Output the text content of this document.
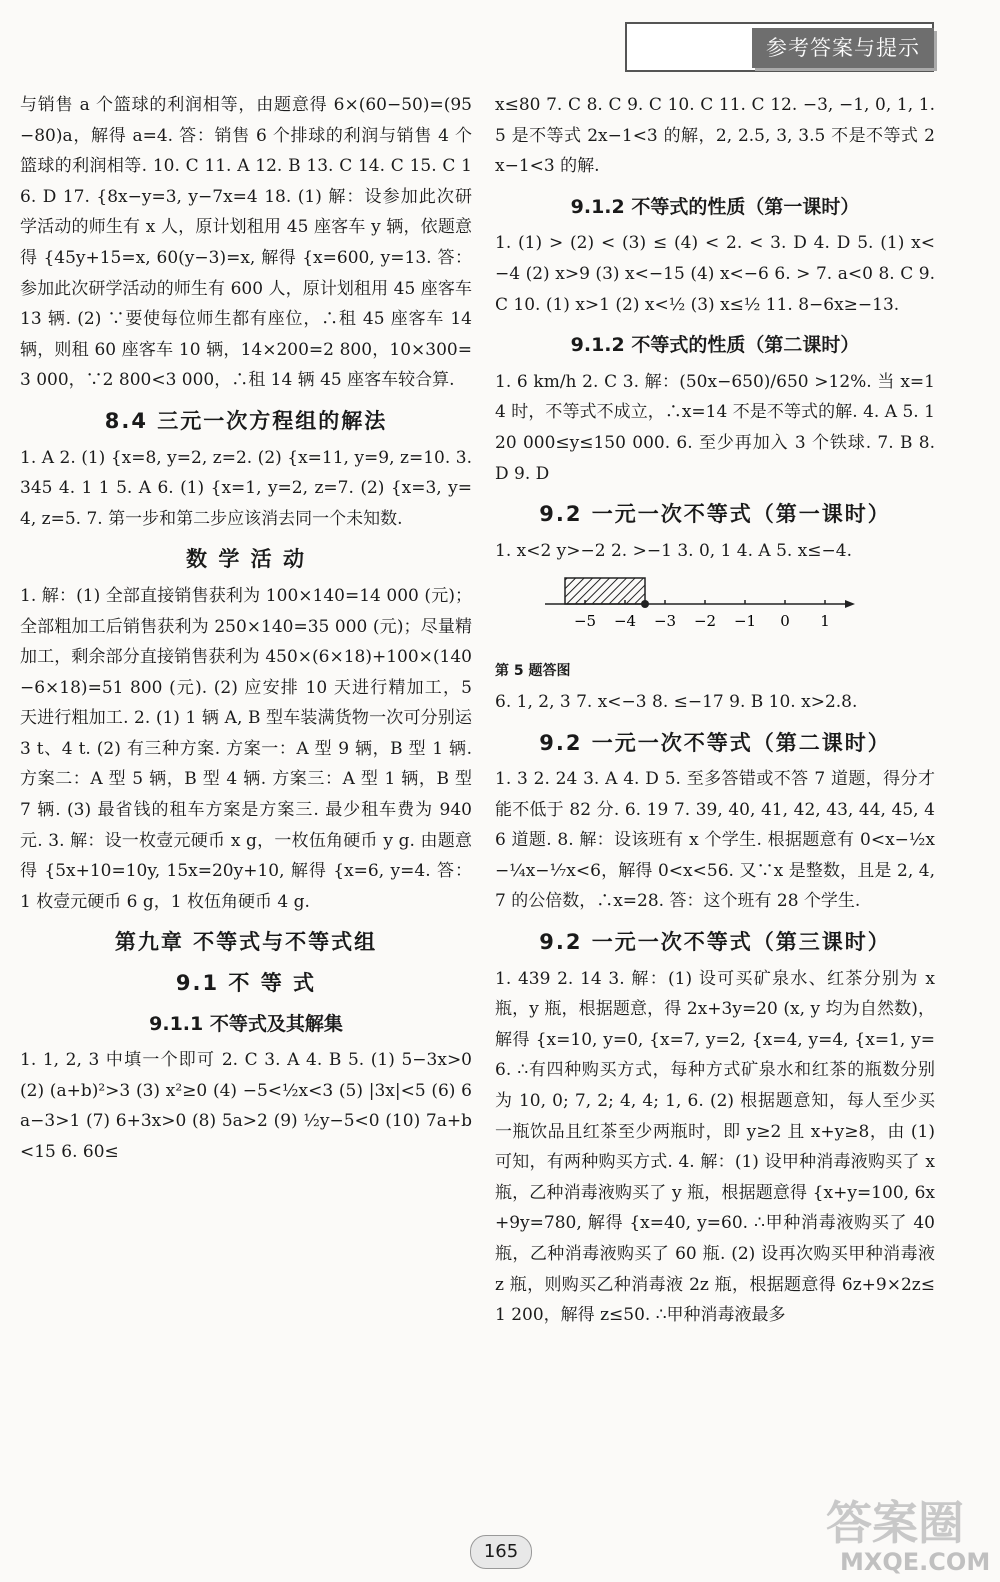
参考答案与提示

与销售 a 个篮球的利润相等，由题意得 6×(60−50)=(95−80)a，解得 a=4. 答：销售 6 个排球的利润与销售 4 个篮球的利润相等. 10. C 11. A 12. B 13. C 14. C 15. C 16. D 17. {8x−y=3, y−7x=4 18. (1) 解：设参加此次研学活动的师生有 x 人，原计划租用 45 座客车 y 辆，依题意得 {45y+15=x, 60(y−3)=x, 解得 {x=600, y=13. 答：参加此次研学活动的师生有 600 人，原计划租用 45 座客车 13 辆. (2) ∵要使每位师生都有座位，∴租 45 座客车 14 辆，则租 60 座客车 10 辆，14×200=2 800，10×300=3 000，∵2 800<3 000，∴租 14 辆 45 座客车较合算.

8.4 三元一次方程组的解法

1. A 2. (1) {x=8, y=2, z=2. (2) {x=11, y=9, z=10. 3. 345 4. 1 1 5. A 6. (1) {x=1, y=2, z=7. (2) {x=3, y=4, z=5. 7. 第一步和第二步应该消去同一个未知数.

数 学 活 动

1. 解：(1) 全部直接销售获利为 100×140=14 000 (元)；全部粗加工后销售获利为 250×140=35 000 (元)；尽量精加工，剩余部分直接销售获利为 450×(6×18)+100×(140−6×18)=51 800 (元). (2) 应安排 10 天进行精加工，5 天进行粗加工. 2. (1) 1 辆 A, B 型车装满货物一次可分别运 3 t、4 t. (2) 有三种方案. 方案一：A 型 9 辆，B 型 1 辆. 方案二：A 型 5 辆，B 型 4 辆. 方案三：A 型 1 辆，B 型 7 辆. (3) 最省钱的租车方案是方案三. 最少租车费为 940 元. 3. 解：设一枚壹元硬币 x g，一枚伍角硬币 y g. 由题意得 {5x+10=10y, 15x=20y+10, 解得 {x=6, y=4. 答：1 枚壹元硬币 6 g，1 枚伍角硬币 4 g.

第九章 不等式与不等式组

9.1 不 等 式

9.1.1 不等式及其解集

1. 1, 2, 3 中填一个即可 2. C 3. A 4. B 5. (1) 5−3x>0 (2) (a+b)²>3 (3) x²≥0 (4) −5<½x<3 (5) |3x|<5 (6) 6a−3>1 (7) 6+3x>0 (8) 5a>2 (9) ½y−5<0 (10) 7a+b<15 6. 60≤

x≤80 7. C 8. C 9. C 10. C 11. C 12. −3, −1, 0, 1, 1.5 是不等式 2x−1<3 的解，2, 2.5, 3, 3.5 不是不等式 2x−1<3 的解.

9.1.2 不等式的性质（第一课时）

1. (1) > (2) < (3) ≤ (4) < 2. < 3. D 4. D 5. (1) x<−4 (2) x>9 (3) x<−15 (4) x<−6 6. > 7. a<0 8. C 9. C 10. (1) x>1 (2) x<½ (3) x≤½ 11. 8−6x≥−13.

9.1.2 不等式的性质（第二课时）

1. 6 km/h 2. C 3. 解：(50x−650)/650 >12%. 当 x=14 时，不等式不成立，∴x=14 不是不等式的解. 4. A 5. 120 000≤y≤150 000. 6. 至少再加入 3 个铁球. 7. B 8. D 9. D

9.2 一元一次不等式（第一课时）

1. x<2 y>−2 2. >−1 3. 0, 1 4. A 5. x≤−4.

−5 −4 −3 −2 −1 0 1

第 5 题答图

6. 1, 2, 3 7. x<−3 8. ≤−17 9. B 10. x>2.8.

9.2 一元一次不等式（第二课时）

1. 3 2. 24 3. A 4. D 5. 至多答错或不答 7 道题，得分才能不低于 82 分. 6. 19 7. 39, 40, 41, 42, 43, 44, 45, 46 道题. 8. 解：设该班有 x 个学生. 根据题意有 0<x−½x−¼x−⅐x<6，解得 0<x<56. 又∵x 是整数，且是 2, 4, 7 的公倍数，∴x=28. 答：这个班有 28 个学生.

9.2 一元一次不等式（第三课时）

1. 439 2. 14 3. 解：(1) 设可买矿泉水、红茶分别为 x 瓶，y 瓶，根据题意，得 2x+3y=20 (x, y 均为自然数)，解得 {x=10, y=0, {x=7, y=2, {x=4, y=4, {x=1, y=6. ∴有四种购买方式，每种方式矿泉水和红茶的瓶数分别为 10, 0; 7, 2; 4, 4; 1, 6. (2) 根据题意知，每人至少买一瓶饮品且红茶至少两瓶时，即 y≥2 且 x+y≥8，由 (1) 可知，有两种购买方式. 4. 解：(1) 设甲种消毒液购买了 x 瓶，乙种消毒液购买了 y 瓶，根据题意得 {x+y=100, 6x+9y=780, 解得 {x=40, y=60. ∴甲种消毒液购买了 40 瓶，乙种消毒液购买了 60 瓶. (2) 设再次购买甲种消毒液 z 瓶，则购买乙种消毒液 2z 瓶，根据题意得 6z+9×2z≤1 200，解得 z≤50. ∴甲种消毒液最多

165
答案圈
MXQE.COM
